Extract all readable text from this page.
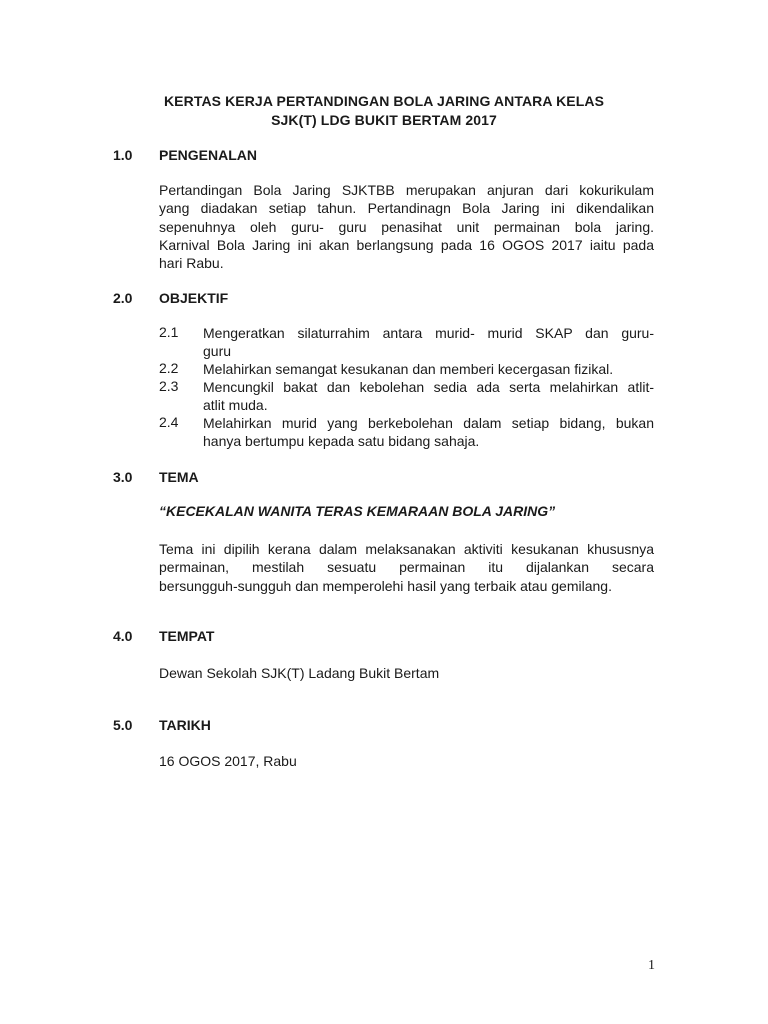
KERTAS KERJA PERTANDINGAN BOLA JARING ANTARA KELAS
SJK(T) LDG BUKIT BERTAM 2017
1.0 PENGENALAN
Pertandingan Bola Jaring SJKTBB merupakan anjuran dari kokurikulam
yang diadakan setiap tahun. Pertandinagn Bola Jaring ini dikendalikan
sepenuhnya oleh guru- guru penasihat unit permainan bola jaring.
Karnival Bola Jaring ini akan berlangsung pada 16 OGOS 2017 iaitu pada
hari Rabu.
2.0 OBJEKTIF
2.1 Mengeratkan silaturrahim antara murid- murid SKAP dan guru-
guru
2.2 Melahirkan semangat kesukanan dan memberi kecergasan fizikal.
2.3 Mencungkil bakat dan kebolehan sedia ada serta melahirkan atlit-
atlit muda.
2.4 Melahirkan murid yang berkebolehan dalam setiap bidang, bukan
hanya bertumpu kepada satu bidang sahaja.
3.0 TEMA
“KECEKALAN WANITA TERAS KEMARAAN BOLA JARING”
Tema ini dipilih kerana dalam melaksanakan aktiviti kesukanan khususnya
permainan, mestilah sesuatu permainan itu dijalankan secara
bersungguh-sungguh dan memperolehi hasil yang terbaik atau gemilang.
4.0 TEMPAT
Dewan Sekolah SJK(T) Ladang Bukit Bertam
5.0 TARIKH
16 OGOS 2017, Rabu
1
